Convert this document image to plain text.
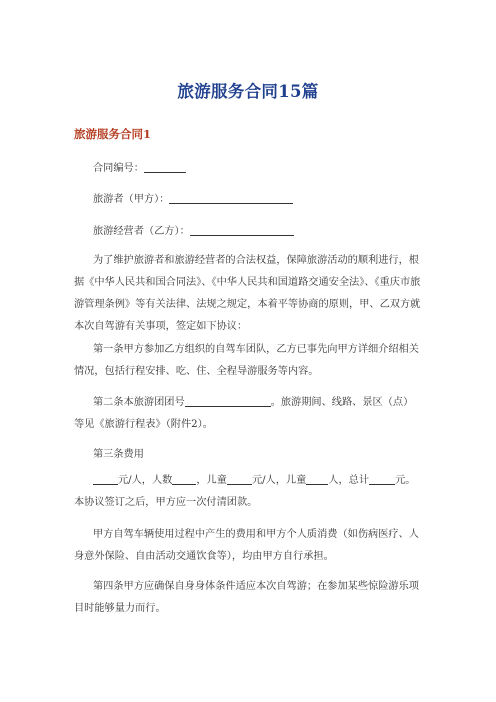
旅游服务合同15篇
旅游服务合同1
合同编号：
旅游者（甲方）：
旅游经营者（乙方）：
为了维护旅游者和旅游经营者的合法权益，保障旅游活动的顺利进行，根据《中华人民共和国合同法》、《中华人民共和国道路交通安全法》、《重庆市旅游管理条例》等有关法律、法规之规定，本着平等协商的原则，甲、乙双方就本次自驾游有关事项，签定如下协议：
第一条甲方参加乙方组织的自驾车团队，乙方已事先向甲方详细介绍相关情况，包括行程安排、吃、住、全程导游服务等内容。
第二条本旅游团团号	。旅游期间、线路、景区（点）等见《旅游行程表》（附件2）。
第三条费用
元/人，人数 ，儿童 元/人，儿童 人，总计	元。本协议签订之后，甲方应一次付清团款。
甲方自驾车辆使用过程中产生的费用和甲方个人质消费（如伤病医疗、人身意外保险、自由活动交通饮食等），均由甲方自行承担。
第四条甲方应确保自身身体条件适应本次自驾游；在参加某些惊险游乐项目时能够量力而行。
